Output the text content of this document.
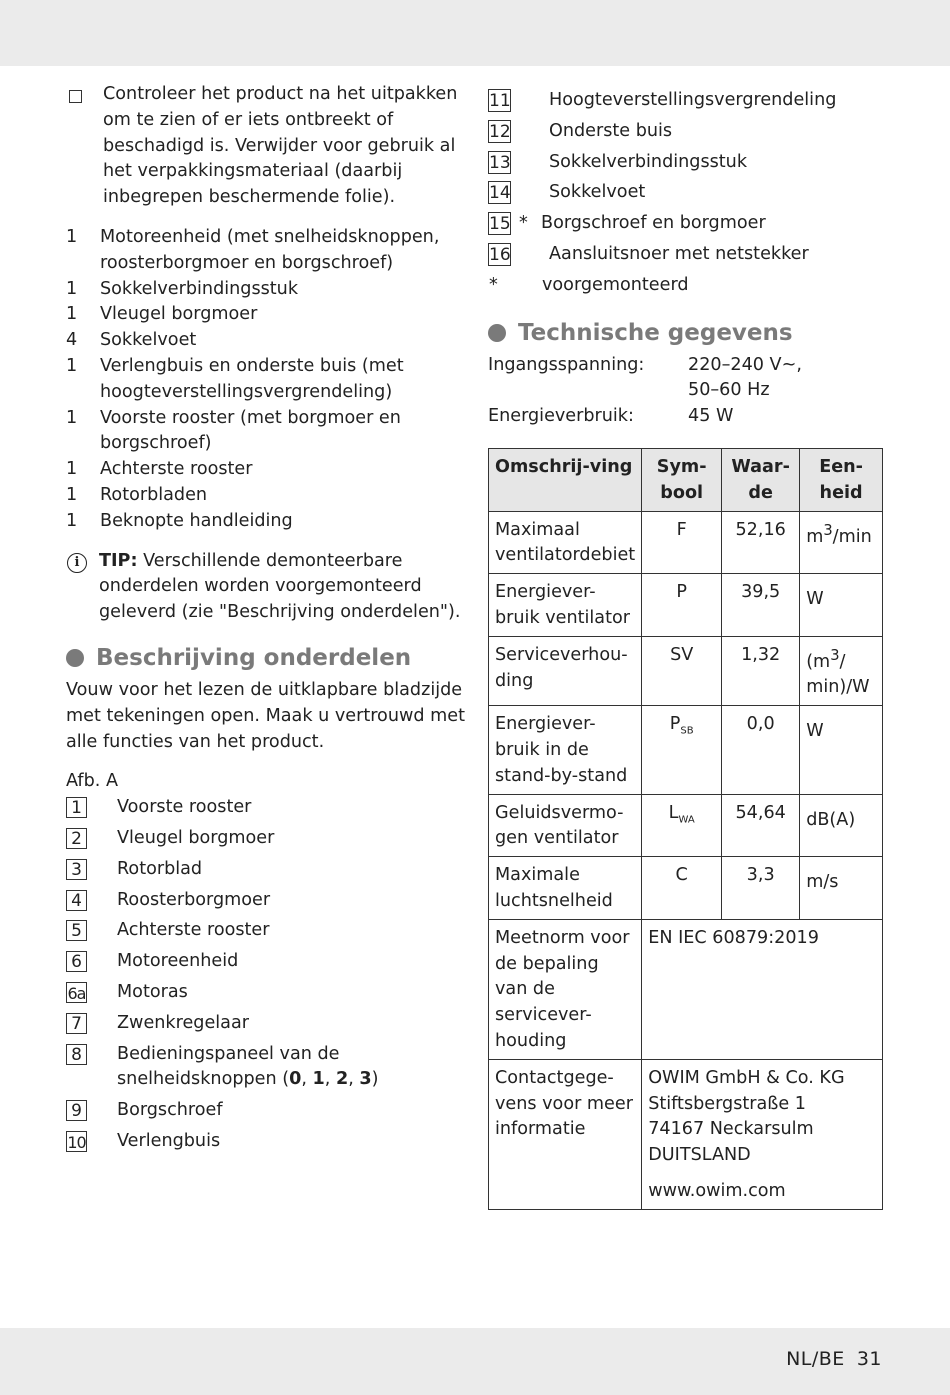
Controleer het product na het uitpakken om te zien of er iets ontbreekt of beschadigd is. Verwijder voor gebruik al het verpakkingsmateriaal (daarbij inbegrepen beschermende folie).
1	Motoreenheid (met snelheidsknoppen, roosterborgmoer en borgschroef)
1	Sokkelverbindingsstuk
1	Vleugel borgmoer
4	Sokkelvoet
1	Verlengbuis en onderste buis (met hoogteverstellingsvergrendeling)
1	Voorste rooster (met borgmoer en borgschroef)
1	Achterste rooster
1	Rotorbladen
1	Beknopte handleiding
i	TIP: Verschillende demonteerbare onderdelen worden voorgemonteerd geleverd (zie "Beschrijving onderdelen").
Beschrijving onderdelen
Vouw voor het lezen de uitklapbare bladzijde met tekeningen open. Maak u vertrouwd met alle functies van het product.
Afb. A
1 Voorste rooster
2 Vleugel borgmoer
3 Rotorblad
4 Roosterborgmoer
5 Achterste rooster
6 Motoreenheid
6a Motoras
7 Zwenkregelaar
8 Bedieningspaneel van de snelheidsknoppen (0, 1, 2, 3)
9 Borgschroef
10 Verlengbuis
11 Hoogteverstellingsvergrendeling
12 Onderste buis
13 Sokkelverbindingsstuk
14 Sokkelvoet
15 * Borgschroef en borgmoer
16 Aansluitsnoer met netstekker
*	voorgemonteerd
Technische gegevens
Ingangsspanning:	220–240 V~,
50–60 Hz
Energieverbruik:	45 W
Omschrij-ving	Sym-bool	Waar-de	Een-heid
Maximaal ventilatordebiet	F	52,16	$m^3/\min$
Energiever-bruik ventilator	P	39,5	W
Serviceverhou-ding	SV	1,32	($m^3/$ min)/W
Energiever-bruik in de stand-by-stand	$P_{SB}$	0,0	W
Geluidsvermo-gen ventilator	$L_{WA}$	54,64	dB(A)
Maximale luchtsnelheid	C	3,3	m/s
Meetnorm voor de bepaling van de servicever-houding	EN IEC 60879:2019		
Contactgege-vens voor meer informatie	OWIM GmbH & Co. KG
Stiftsbergstraße 1
74167 Neckarsulm
DUITSLAND
www.owim.com		
NL/BE 31
